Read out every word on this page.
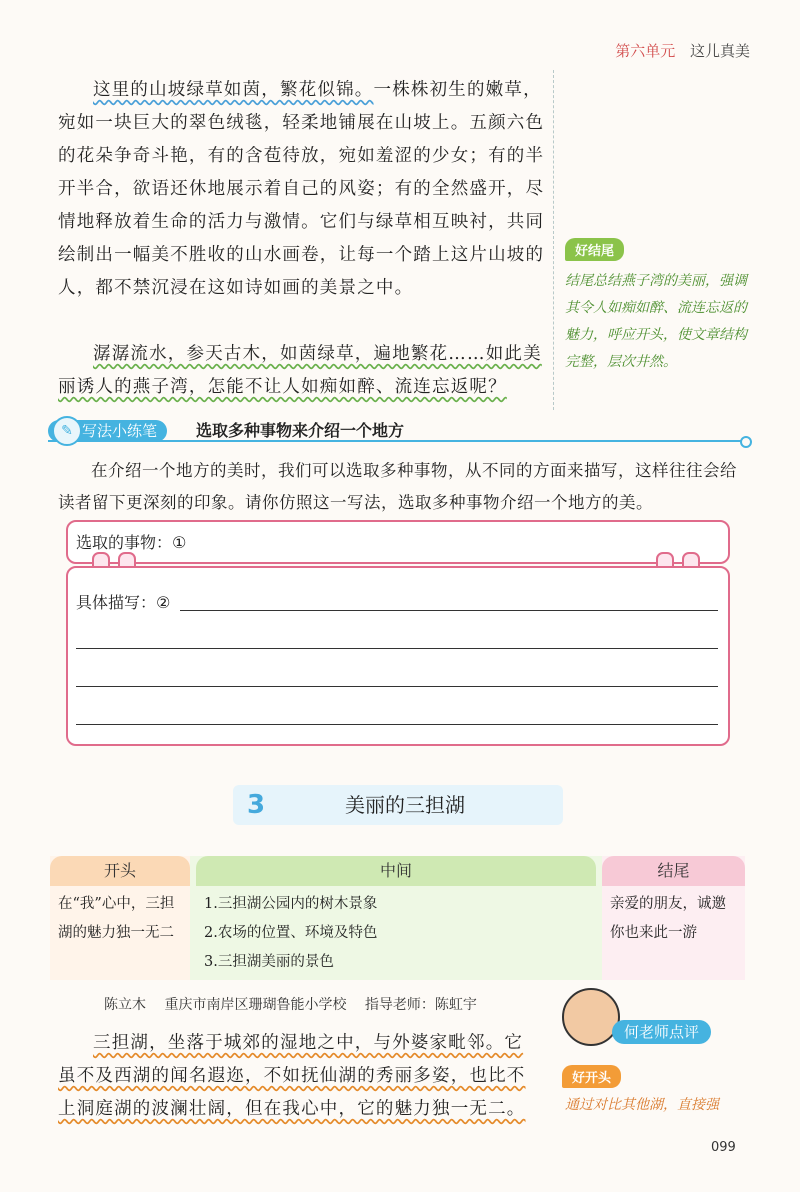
第六单元 这儿真美

这里的山坡绿草如茵，繁花似锦。一株株初生的嫩草，宛如一块巨大的翠色绒毯，轻柔地铺展在山坡上。五颜六色的花朵争奇斗艳，有的含苞待放，宛如羞涩的少女；有的半开半合，欲语还休地展示着自己的风姿；有的全然盛开，尽情地释放着生命的活力与激情。它们与绿草相互映衬，共同绘制出一幅美不胜收的山水画卷，让每一个踏上这片山坡的人，都不禁沉浸在这如诗如画的美景之中。

潺潺流水，参天古木，如茵绿草，遍地繁花……如此美丽诱人的燕子湾，怎能不让人如痴如醉、流连忘返呢？

好结尾
结尾总结燕子湾的美丽，强调其令人如痴如醉、流连忘返的魅力，呼应开头，使文章结构完整，层次井然。
写法小练笔
✎	选取多种事物来介绍一个地方

在介绍一个地方的美时，我们可以选取多种事物，从不同的方面来描写，这样往往会给读者留下更深刻的印象。请你仿照这一写法，选取多种事物介绍一个地方的美。

选取的事物：①
具体描写：②
3	美丽的三担湖
开头
在“我”心中，三担湖的魅力独一无二
中间
1.三担湖公园内的树木景象
2.农场的位置、环境及特色
3.三担湖美丽的景色
结尾
亲爱的朋友，诚邀你也来此一游
陈立木 重庆市南岸区珊瑚鲁能小学校 指导老师：陈虹宇
何老师点评

三担湖，坐落于城郊的湿地之中，与外婆家毗邻。它虽不及西湖的闻名遐迩，不如抚仙湖的秀丽多姿，也比不上洞庭湖的波澜壮阔，但在我心中，它的魅力独一无二。

好开头
通过对比其他湖，直接强
099
